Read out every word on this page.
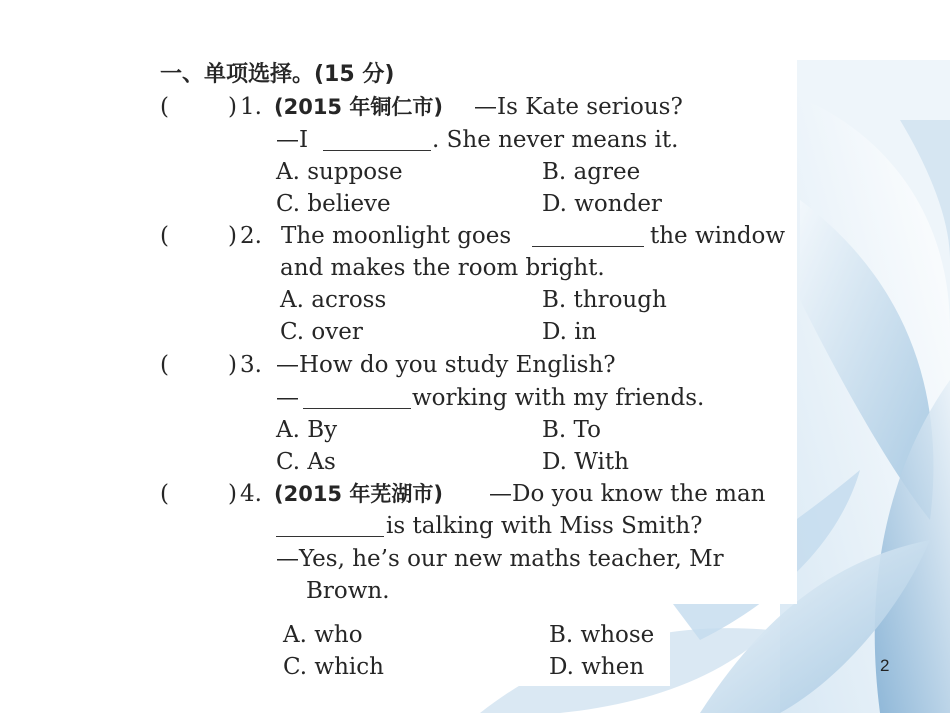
一、单项选择。(15 分)
(	) 1. (2015 年铜仁市) —Is Kate serious?
—I	. She never means it.
A. suppose	B. agree
C. believe	D. wonder
(	) 2. The moonlight goes	the window
and makes the room bright.
A. across	B. through
C. over	D. in
(	) 3. —How do you study English?
—	working with my friends.
A. By	B. To
C. As	D. With
(	) 4. (2015 年芜湖市) —Do you know the man
is talking with Miss Smith?
—Yes, he’s our new maths teacher, Mr
Brown.
A. who	B. whose
C. which	D. when	2
